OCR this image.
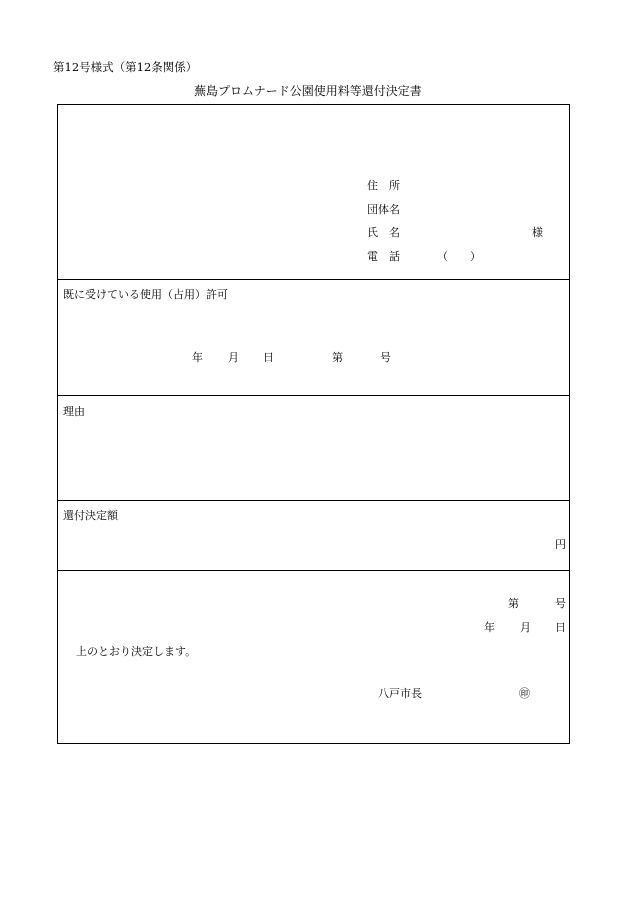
第12号様式（第12条関係）
蕪島プロムナード公園使用料等還付決定書
住　所
団体名
氏　名	様
電　話	（　　）
既に受けている使用（占用）許可
年 月 日	第	号
理由
還付決定額
円
第	号
年 月 日
上のとおり決定します。
八戸市長	㊞
